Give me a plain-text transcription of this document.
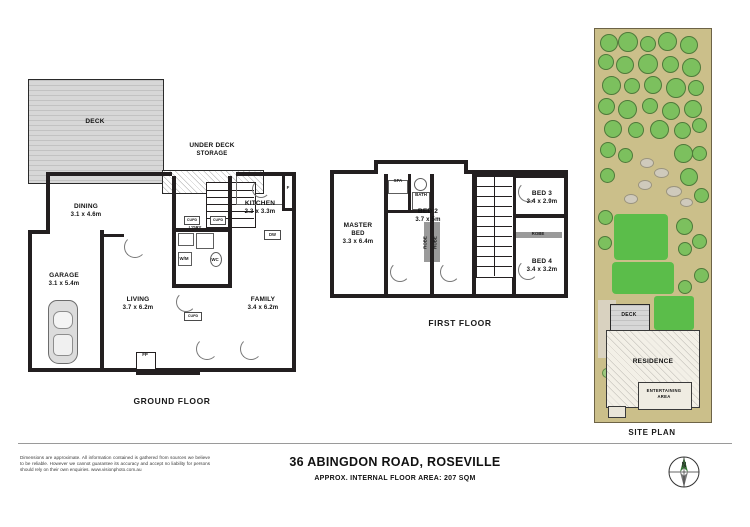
DECK
UNDER DECK
STORAGE
DINING
3.1 x 4.6m
KITCHEN
2.3 x 3.3m
GARAGE
3.1 x 5.4m
LIVING
3.7 x 6.2m
FAMILY
3.4 x 6.2m
L'DRY
WC
W/M
CUPD	CUPD
CUPD
DW
F
FP
GROUND FLOOR
MASTER
BED
3.3 x 6.4m
BED 2
3.7 x 5m
BED 3
3.4 x 2.9m
BED 4
3.4 x 3.2m
SPA
BATH
ROBE ROBE
ROBE
FIRST FLOOR
DECK
RESIDENCE
ENTERTAINING
AREA
SITE PLAN
Dimensions are approximate. All information contained is gathered from sources we believe to be reliable. However we cannot guarantee its accuracy and accept no liability for persons should rely on their own enquiries. www.visionphoto.com.au
36 ABINGDON ROAD, ROSEVILLE
APPROX. INTERNAL FLOOR AREA: 207 SQM
N
